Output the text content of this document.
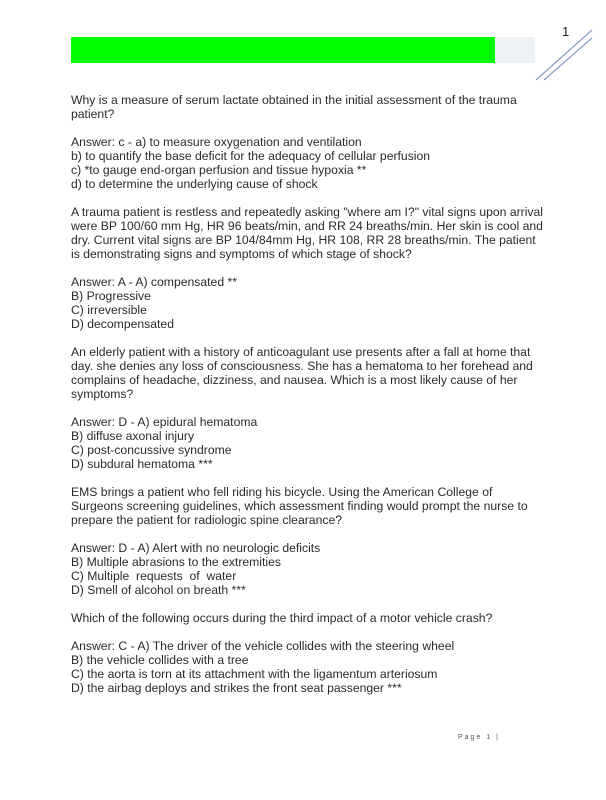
1
Why is a measure of serum lactate obtained in the initial assessment of the trauma
patient?
Answer: c - a) to measure oxygenation and ventilation
b) to quantify the base deficit for the adequacy of cellular perfusion
c) *to gauge end-organ perfusion and tissue hypoxia **
d) to determine the underlying cause of shock
A trauma patient is restless and repeatedly asking "where am I?" vital signs upon arrival
were BP 100/60 mm Hg, HR 96 beats/min, and RR 24 breaths/min. Her skin is cool and
dry. Current vital signs are BP 104/84mm Hg, HR 108, RR 28 breaths/min. The patient
is demonstrating signs and symptoms of which stage of shock?
Answer: A - A) compensated **
B) Progressive
C) irreversible
D) decompensated
An elderly patient with a history of anticoagulant use presents after a fall at home that
day. she denies any loss of consciousness. She has a hematoma to her forehead and
complains of headache, dizziness, and nausea. Which is a most likely cause of her
symptoms?
Answer: D - A) epidural hematoma
B) diffuse axonal injury
C) post-concussive syndrome
D) subdural hematoma ***
EMS brings a patient who fell riding his bicycle. Using the American College of
Surgeons screening guidelines, which assessment finding would prompt the nurse to
prepare the patient for radiologic spine clearance?
Answer: D - A) Alert with no neurologic deficits
B) Multiple abrasions to the extremities
C) Multiple  requests  of  water
D) Smell of alcohol on breath ***
Which of the following occurs during the third impact of a motor vehicle crash?
Answer: C - A) The driver of the vehicle collides with the steering wheel
B) the vehicle collides with a tree
C) the aorta is torn at its attachment with the ligamentum arteriosum
D) the airbag deploys and strikes the front seat passenger ***
Page 1 |
